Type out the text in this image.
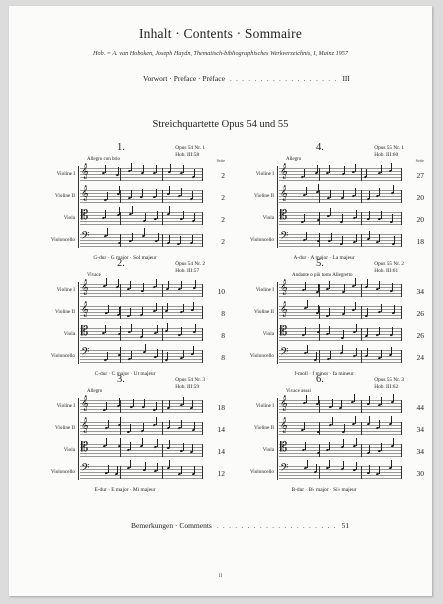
Inhalt · Contents · Sommaire
Hob. = A. van Hoboken, Joseph Haydn, Thematisch-bibliographisches Werkverzeichnis, I, Mainz 1957
Vorwort · Preface · Préface  . . . . . . . . . . . . . . . . . .  III
Streichquartette Opus 54 und 55
1.	Opus 54 Nr. 1
Hob. III:58
Seite
Allegro con brio
Violine I 𝄞	2
Violine II 𝄞	2
Viola 𝄡	2
Violoncello 𝄢	2
G-dur · G major · Sol majeur
4.	Opus 55 Nr. 1
Hob. III:60
Seite
Allegro
Violine I 𝄞	27
Violine II 𝄞	20
Viola 𝄡	20
Violoncello 𝄢	18
A-dur · A major · La majeur
2.	Opus 54 Nr. 2
Hob. III:57
Vivace
Violine I 𝄞	10
Violine II 𝄞	8
Viola 𝄡	8
Violoncello 𝄢	8
C-dur · C major · Ut majeur
5.	Opus 55 Nr. 2
Hob. III:61
Andante o più tosto Allegretto
Violine I 𝄞	34
Violine II 𝄞	26
Viola 𝄡	26
Violoncello 𝄢	24
f-moll · f minor · fa mineur
3.	Opus 54 Nr. 3
Hob. III:59
Allegro
Violine I 𝄞	18
Violine II 𝄞	14
Viola 𝄡	14
Violoncello 𝄢	12
E-dur · E major · Mi majeur
6.	Opus 55 Nr. 3
Hob. III:62
Vivace assai
Violine I 𝄞	44
Violine II 𝄞	34
Viola 𝄡	34
Violoncello 𝄢	30
B-dur · B♭ major · Si♭ majeur
Bemerkungen · Comments  . . . . . . . . . . . . . . . . . . . .  51
II
